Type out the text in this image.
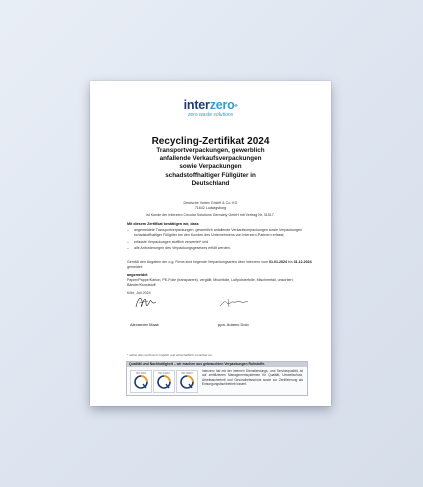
interzero®
zero waste solutions
Recycling-Zertifikat 2024
Transportverpackungen, gewerblich
anfallende Verkaufsverpackungen
sowie Verpackungen
schadstoffhaltiger Füllgüter in
Deutschland
Deutsche Vortex GmbH & Co. KG
71642 Ludwigsburg
ist Kunde der Interzero Circular Solutions Germany GmbH mit Vertrag Nr. 31517.
Mit diesem Zertifikat bestätigen wir, dass
– angemeldete Transportverpackungen, gewerblich anfallende Verkaufsverpackungen sowie Verpackungen schadstoffhaltiger Füllgüter bei den Kunden des Unternehmens von Interzero-Partnern erfasst,
– erfasste Verpackungen stofflich verwertet* und
– alle Anforderungen des Verpackungsgesetzes erfüllt werden.
Gemäß den Angaben der o.g. Firma sind folgende Verpackungsarten über Interzero vom 01.01.2024 bis 31.12.2024 gemeldet:
angemeldet
Papier/Pappe/Karton, PE-Folie (transparent), vergällt, Mischfolie, Luftpolsterfolie, Mischmetall, unsortiert, Bänder/Kunststoff
Köln, Juli 2024
Alexander Maak	ppa. Adamo Dolo
* selbst dies technisch möglich und wirtschaftlich zumutbar ist.
Qualität und Nachhaltigkeit – wir machen aus gebrauchten Verpackungen Rohstoffe.
ISO 9001	ISO 14001	ISO 45001
Interzero hat mit der internen Dienstleistungs- und Servicequalität, ist auf zertifizierten Managementsystemen für Qualität, Umweltschutz, Arbeitssicherheit und Gesundheitsschutz sowie zur Zertifizierung als Entsorgungsfachbetrieb basiert.
